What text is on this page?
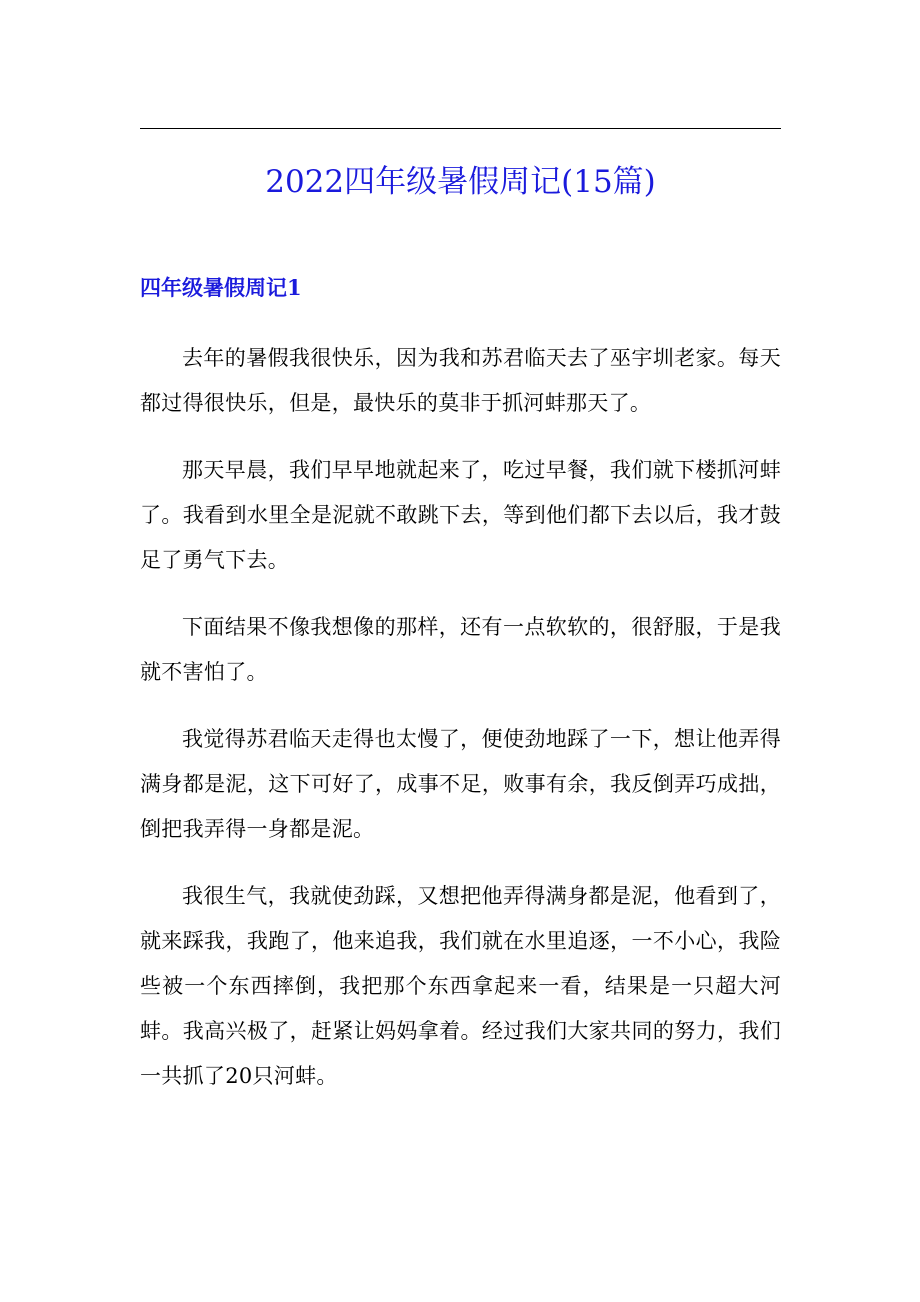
2022四年级暑假周记(15篇)
四年级暑假周记1

去年的暑假我很快乐，因为我和苏君临天去了巫宇圳老家。每天都过得很快乐，但是，最快乐的莫非于抓河蚌那天了。

那天早晨，我们早早地就起来了，吃过早餐，我们就下楼抓河蚌了。我看到水里全是泥就不敢跳下去，等到他们都下去以后，我才鼓足了勇气下去。

下面结果不像我想像的那样，还有一点软软的，很舒服，于是我就不害怕了。

我觉得苏君临天走得也太慢了，便使劲地踩了一下，想让他弄得满身都是泥，这下可好了，成事不足，败事有余，我反倒弄巧成拙，倒把我弄得一身都是泥。

我很生气，我就使劲踩，又想把他弄得满身都是泥，他看到了，就来踩我，我跑了，他来追我，我们就在水里追逐，一不小心，我险些被一个东西摔倒，我把那个东西拿起来一看，结果是一只超大河蚌。我高兴极了，赶紧让妈妈拿着。经过我们大家共同的努力，我们一共抓了20只河蚌。
